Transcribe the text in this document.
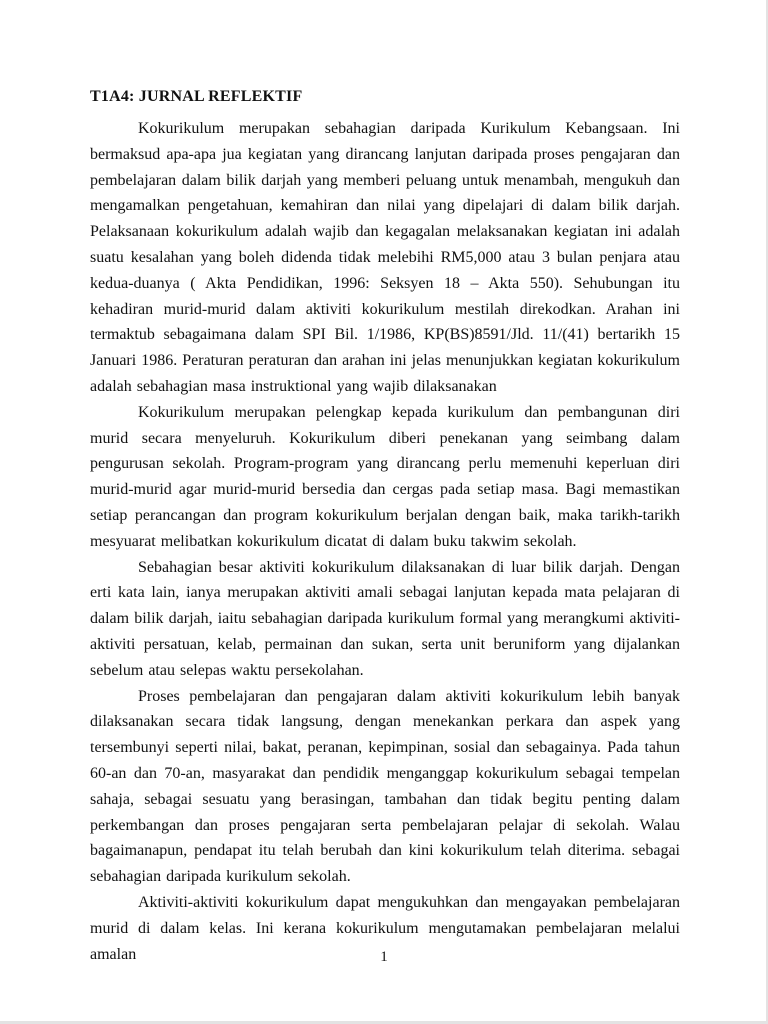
T1A4: JURNAL REFLEKTIF

Kokurikulum merupakan sebahagian daripada Kurikulum Kebangsaan. Ini bermaksud apa-apa jua kegiatan yang dirancang lanjutan daripada proses pengajaran dan pembelajaran dalam bilik darjah yang memberi peluang untuk menambah, mengukuh dan mengamalkan pengetahuan, kemahiran dan nilai yang dipelajari di dalam bilik darjah. Pelaksanaan kokurikulum adalah wajib dan kegagalan melaksanakan kegiatan ini adalah suatu kesalahan yang boleh didenda tidak melebihi RM5,000 atau 3 bulan penjara atau kedua-duanya ( Akta Pendidikan, 1996: Seksyen 18 – Akta 550). Sehubungan itu kehadiran murid-murid dalam aktiviti kokurikulum mestilah direkodkan. Arahan ini termaktub sebagaimana dalam SPI Bil. 1/1986, KP(BS)8591/Jld. 11/(41) bertarikh 15 Januari 1986. Peraturan peraturan dan arahan ini jelas menunjukkan kegiatan kokurikulum adalah sebahagian masa instruktional yang wajib dilaksanakan

Kokurikulum merupakan pelengkap kepada kurikulum dan pembangunan diri murid secara menyeluruh. Kokurikulum diberi penekanan yang seimbang dalam pengurusan sekolah. Program-program yang dirancang perlu memenuhi keperluan diri murid-murid agar murid-murid bersedia dan cergas pada setiap masa. Bagi memastikan setiap perancangan dan program kokurikulum berjalan dengan baik, maka tarikh-tarikh mesyuarat melibatkan kokurikulum dicatat di dalam buku takwim sekolah.

Sebahagian besar aktiviti kokurikulum dilaksanakan di luar bilik darjah. Dengan erti kata lain, ianya merupakan aktiviti amali sebagai lanjutan kepada mata pelajaran di dalam bilik darjah, iaitu sebahagian daripada kurikulum formal yang merangkumi aktiviti-aktiviti persatuan, kelab, permainan dan sukan, serta unit beruniform yang dijalankan sebelum atau selepas waktu persekolahan.

Proses pembelajaran dan pengajaran dalam aktiviti kokurikulum lebih banyak dilaksanakan secara tidak langsung, dengan menekankan perkara dan aspek yang tersembunyi seperti nilai, bakat, peranan, kepimpinan, sosial dan sebagainya. Pada tahun 60-an dan 70-an, masyarakat dan pendidik menganggap kokurikulum sebagai tempelan sahaja, sebagai sesuatu yang berasingan, tambahan dan tidak begitu penting dalam perkembangan dan proses pengajaran serta pembelajaran pelajar di sekolah. Walau bagaimanapun, pendapat itu telah berubah dan kini kokurikulum telah diterima. sebagai sebahagian daripada kurikulum sekolah.

Aktiviti-aktiviti kokurikulum dapat mengukuhkan dan mengayakan pembelajaran murid di dalam kelas. Ini kerana kokurikulum mengutamakan pembelajaran melalui amalan	1
